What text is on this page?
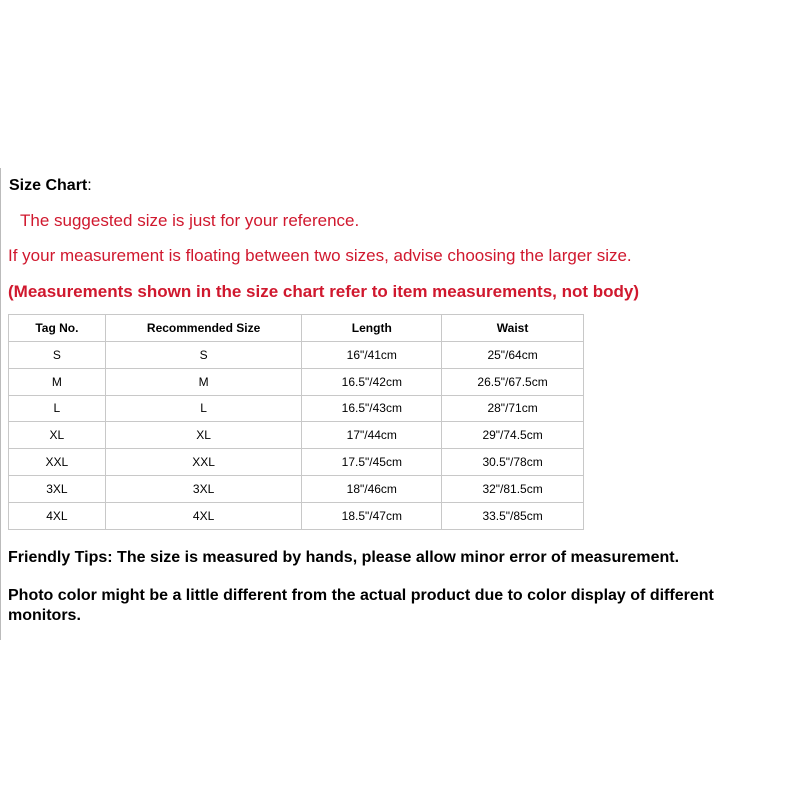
Size Chart:
The suggested size is just for your reference.
If your measurement is floating between two sizes, advise choosing the larger size.
(Measurements shown in the size chart refer to item measurements, not body)
Tag No.	Recommended Size	Length	Waist
S	S	16"/41cm	25"/64cm
M	M	16.5"/42cm	26.5"/67.5cm
L	L	16.5"/43cm	28"/71cm
XL	XL	17"/44cm	29"/74.5cm
XXL	XXL	17.5"/45cm	30.5"/78cm
3XL	3XL	18"/46cm	32"/81.5cm
4XL	4XL	18.5"/47cm	33.5"/85cm
Friendly Tips: The size is measured by hands, please allow minor error of measurement.
Photo color might be a little different from the actual product due to color display of different monitors.
